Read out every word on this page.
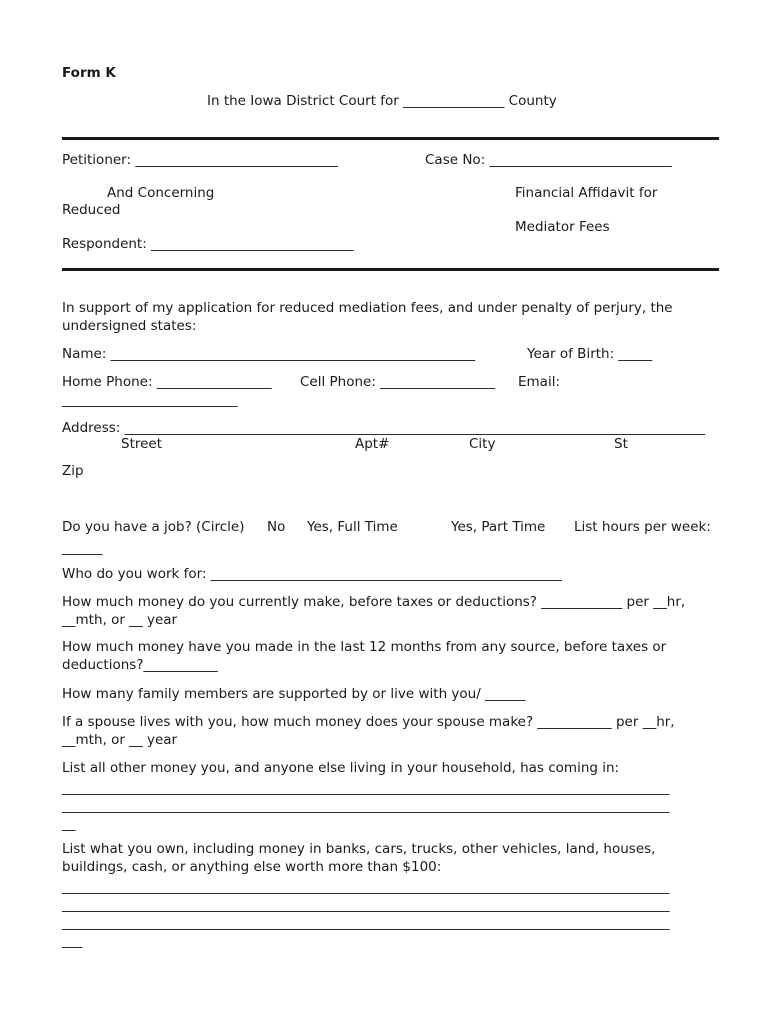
Form K
In the Iowa District Court for _______________ County
Petitioner: ______________________________	Case No: ___________________________
And Concerning
Reduced
Financial Affidavit for
Mediator Fees
Respondent: ______________________________
In support of my application for reduced mediation fees, and under penalty of perjury, the undersigned states:
Name: ______________________________________________________	Year of Birth: _____
Home Phone: _________________ Cell Phone: _________________ Email:
__________________________
Address: ______________________________________________________________________________________
Street	Apt#	City	St
Zip
Do you have a job? (Circle) No Yes, Full Time	Yes, Part Time List hours per week:
______
Who do you work for: ____________________________________________________
How much money do you currently make, before taxes or deductions? ____________ per __hr, __mth, or __ year
How much money have you made in the last 12 months from any source, before taxes or deductions?___________
How many family members are supported by or live with you/ ______
If a spouse lives with you, how much money does your spouse make? ___________ per __hr, __mth, or __ year
List all other money you, and anyone else living in your household, has coming in:
__________________________________________________________________________________________
__________________________________________________________________________________________
__
List what you own, including money in banks, cars, trucks, other vehicles, land, houses, buildings, cash, or anything else worth more than $100:
__________________________________________________________________________________________
__________________________________________________________________________________________
__________________________________________________________________________________________
___
